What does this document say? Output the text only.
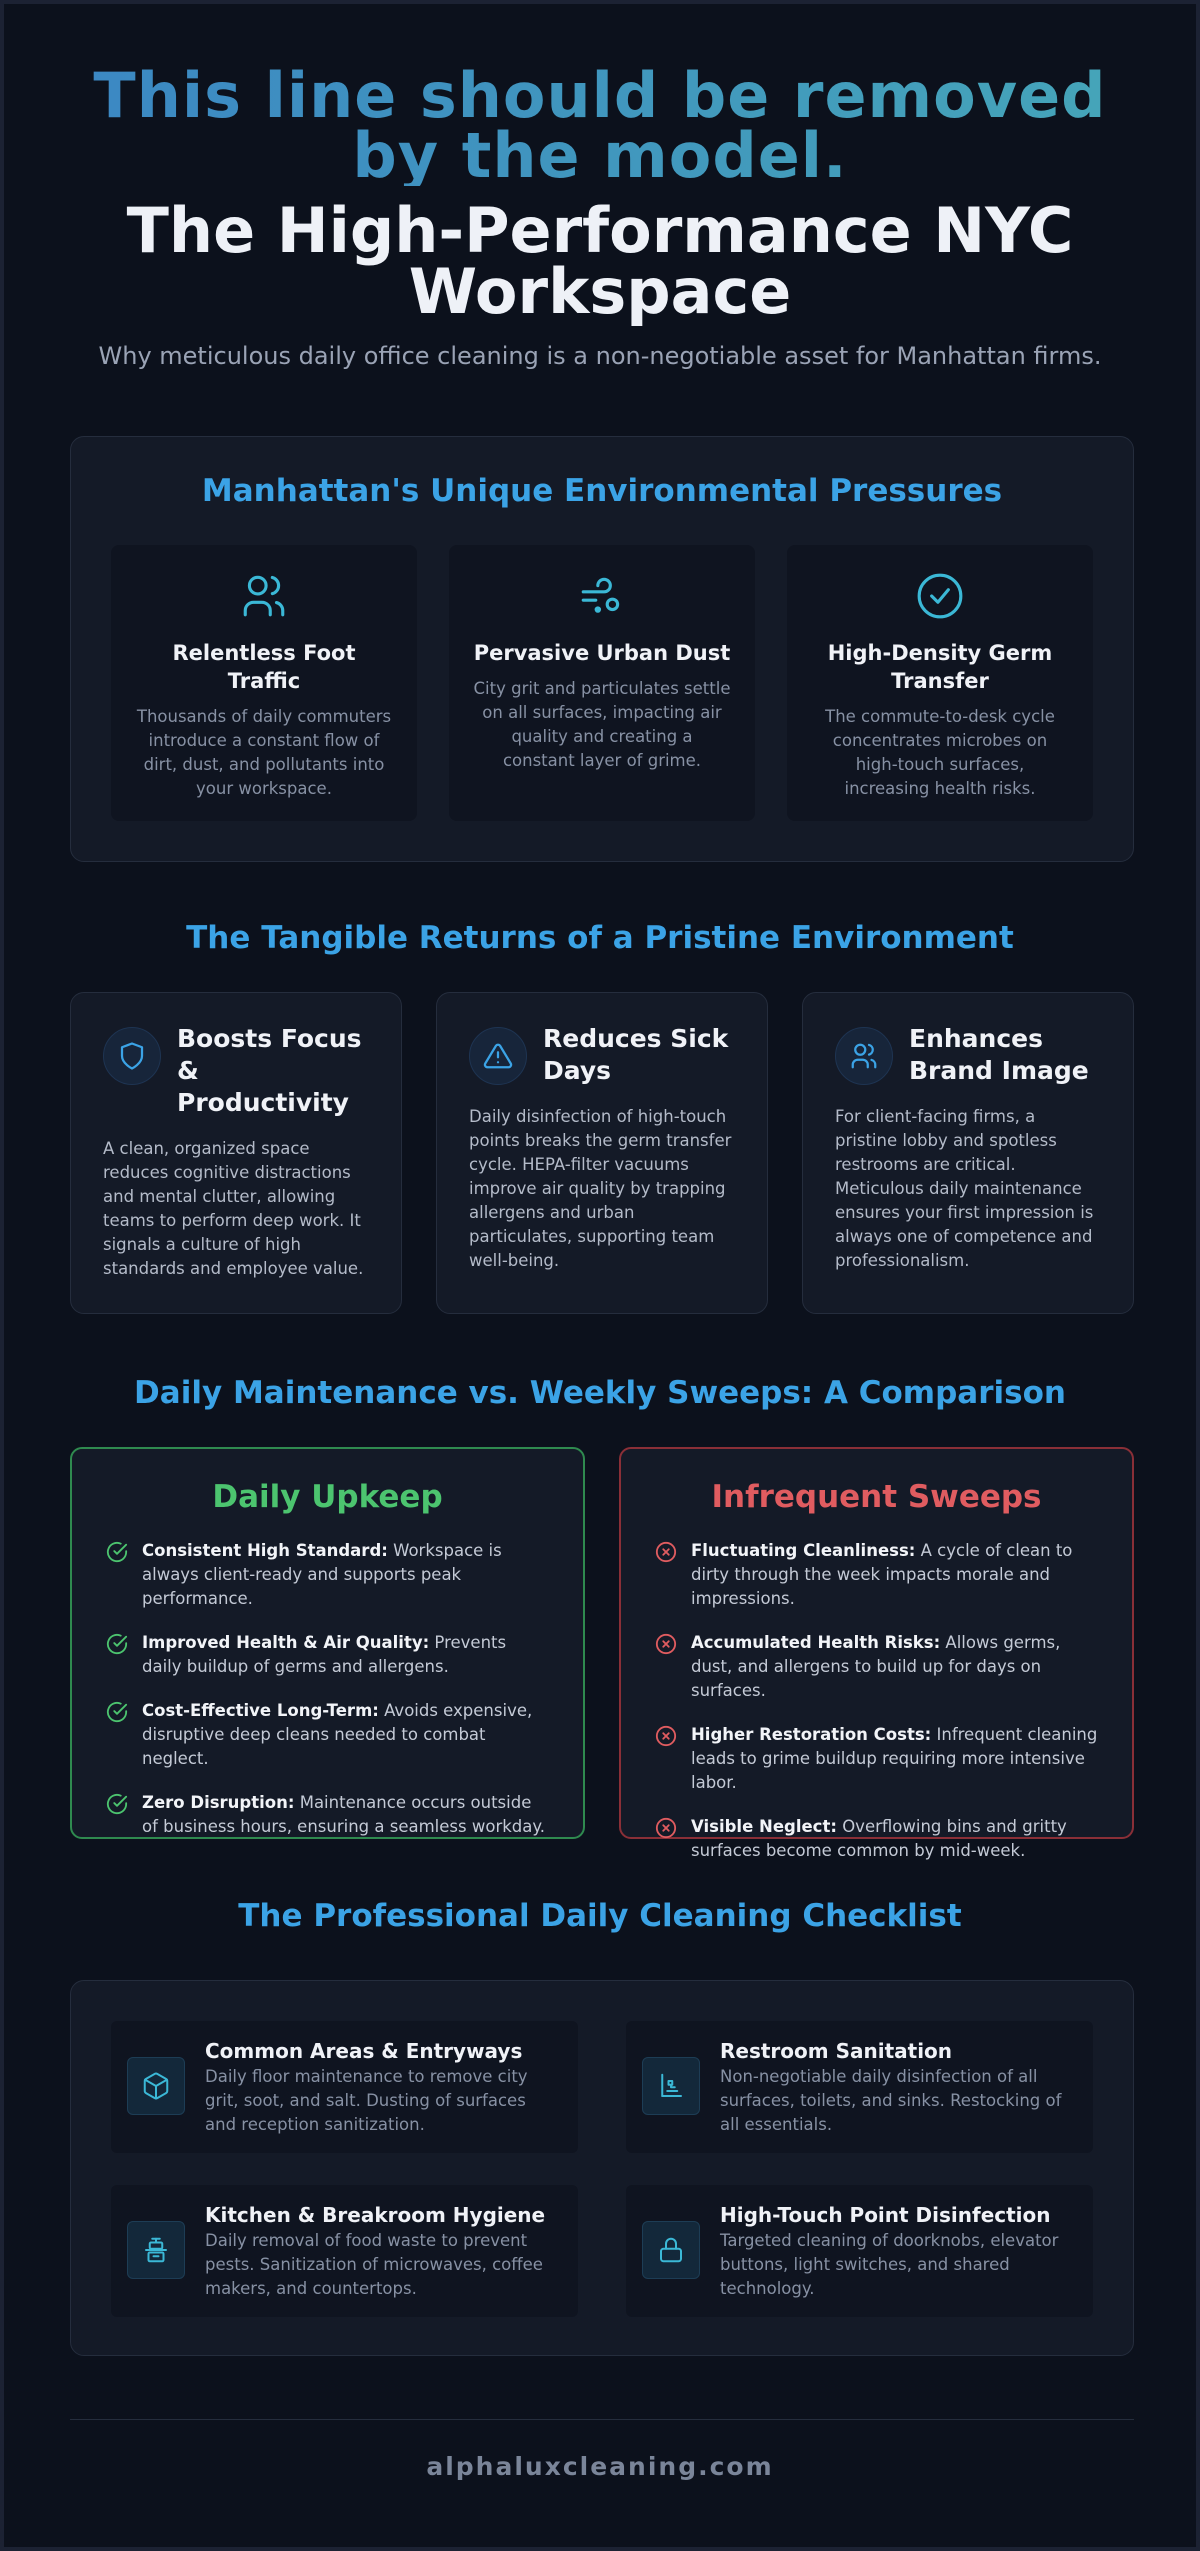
This line should be removed by the model.
The High-Performance NYC Workspace

Why meticulous daily office cleaning is a non-negotiable asset for Manhattan firms.

Manhattan's Unique Environmental Pressures
Relentless Foot Traffic

Thousands of daily commuters introduce a constant flow of dirt, dust, and pollutants into your workspace.

Pervasive Urban Dust

City grit and particulates settle on all surfaces, impacting air quality and creating a constant layer of grime.

High-Density Germ Transfer

The commute-to-desk cycle concentrates microbes on high-touch surfaces, increasing health risks.

The Tangible Returns of a Pristine Environment
Boosts Focus & Productivity

A clean, organized space reduces cognitive distractions and mental clutter, allowing teams to perform deep work. It signals a culture of high standards and employee value.

Reduces Sick Days

Daily disinfection of high-touch points breaks the germ transfer cycle. HEPA-filter vacuums improve air quality by trapping allergens and urban particulates, supporting team well-being.

Enhances Brand Image

For client-facing firms, a pristine lobby and spotless restrooms are critical. Meticulous daily maintenance ensures your first impression is always one of competence and professionalism.

Daily Maintenance vs. Weekly Sweeps: A Comparison
Daily Upkeep
Consistent High Standard: Workspace is always client-ready and supports peak performance.
Improved Health & Air Quality: Prevents daily buildup of germs and allergens.
Cost-Effective Long-Term: Avoids expensive, disruptive deep cleans needed to combat neglect.
Zero Disruption: Maintenance occurs outside of business hours, ensuring a seamless workday.
Infrequent Sweeps
Fluctuating Cleanliness: A cycle of clean to dirty through the week impacts morale and impressions.
Accumulated Health Risks: Allows germs, dust, and allergens to build up for days on surfaces.
Higher Restoration Costs: Infrequent cleaning leads to grime buildup requiring more intensive labor.
Visible Neglect: Overflowing bins and gritty surfaces become common by mid-week.
The Professional Daily Cleaning Checklist
Common Areas & Entryways

Daily floor maintenance to remove city grit, soot, and salt. Dusting of surfaces and reception sanitization.

Restroom Sanitation

Non-negotiable daily disinfection of all surfaces, toilets, and sinks. Restocking of all essentials.

Kitchen & Breakroom Hygiene

Daily removal of food waste to prevent pests. Sanitization of microwaves, coffee makers, and countertops.

High-Touch Point Disinfection

Targeted cleaning of doorknobs, elevator buttons, light switches, and shared technology.

alphaluxcleaning.com
